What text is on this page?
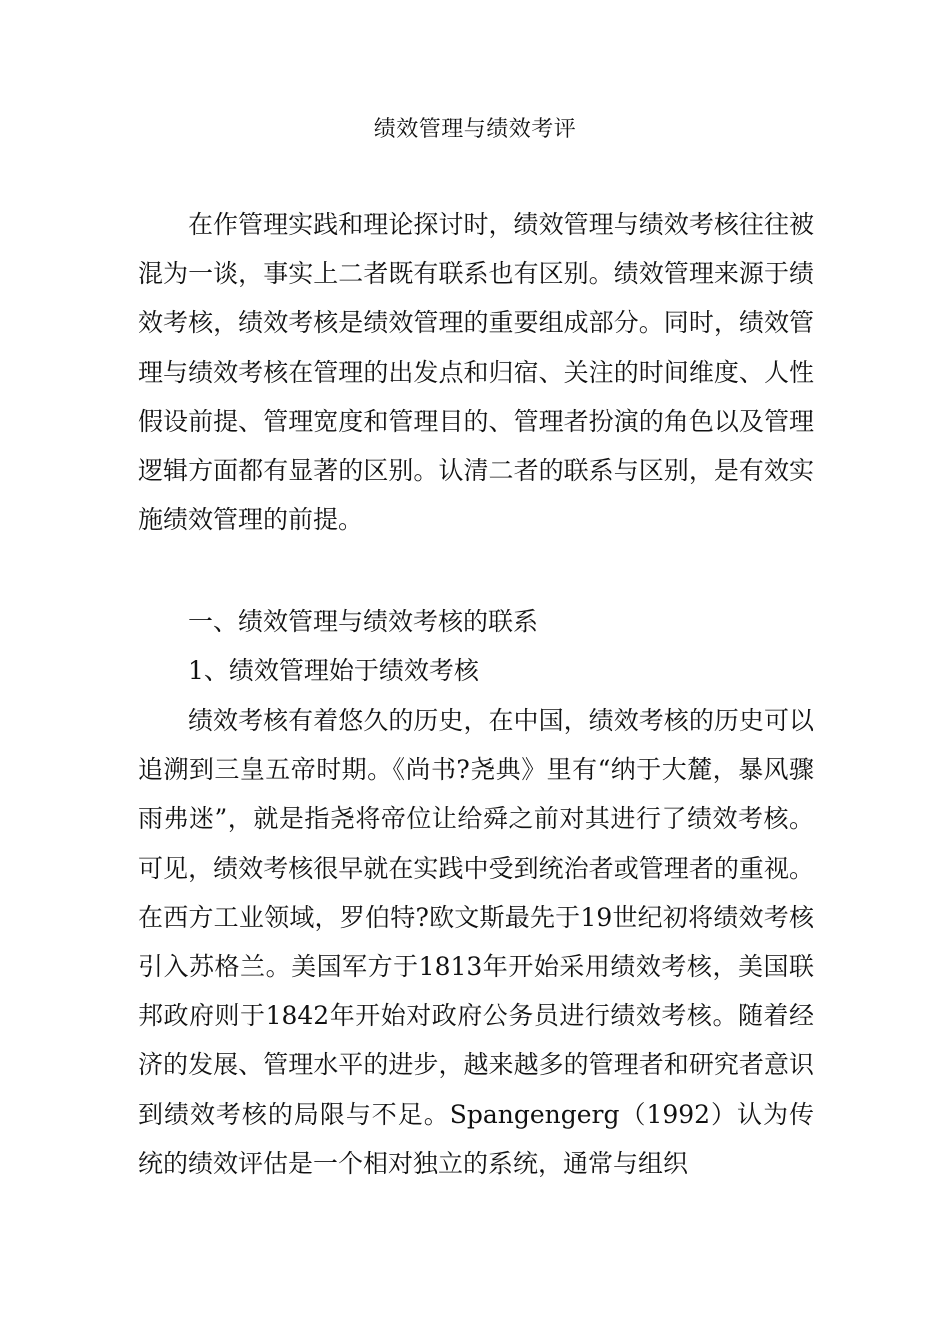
绩效管理与绩效考评

在作管理实践和理论探讨时，绩效管理与绩效考核往往被混为一谈，事实上二者既有联系也有区别。绩效管理来源于绩效考核，绩效考核是绩效管理的重要组成部分。同时，绩效管理与绩效考核在管理的出发点和归宿、关注的时间维度、人性假设前提、管理宽度和管理目的、管理者扮演的角色以及管理逻辑方面都有显著的区别。认清二者的联系与区别，是有效实施绩效管理的前提。

一、绩效管理与绩效考核的联系

1、绩效管理始于绩效考核

绩效考核有着悠久的历史，在中国，绩效考核的历史可以追溯到三皇五帝时期。《尚书?尧典》里有“纳于大麓，暴风骤雨弗迷”，就是指尧将帝位让给舜之前对其进行了绩效考核。可见，绩效考核很早就在实践中受到统治者或管理者的重视。在西方工业领域，罗伯特?欧文斯最先于19世纪初将绩效考核引入苏格兰。美国军方于1813年开始采用绩效考核，美国联邦政府则于1842年开始对政府公务员进行绩效考核。随着经济的发展、管理水平的进步，越来越多的管理者和研究者意识到绩效考核的局限与不足。Spangengerg（1992）认为传统的绩效评估是一个相对独立的系统，通常与组织
